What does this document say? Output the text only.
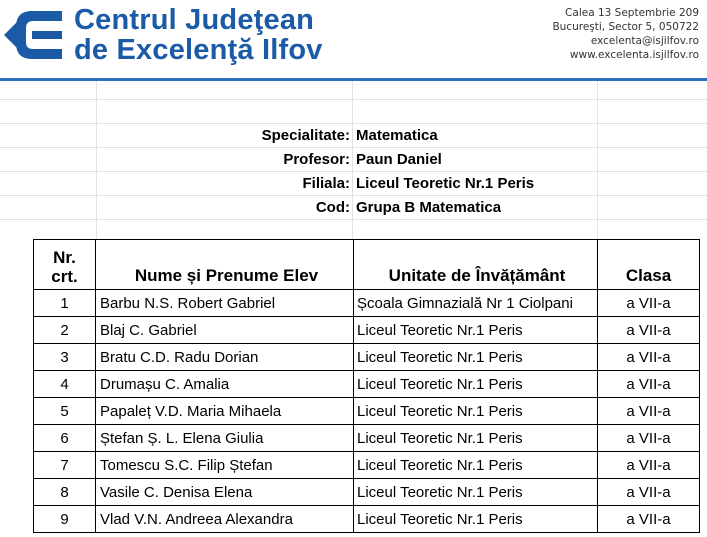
Centrul Judeţean
de Excelenţă Ilfov
Calea 13 Septembrie 209
Bucureşti, Sector 5, 050722
excelenta@isjilfov.ro
www.excelenta.isjilfov.ro
Specialitate: Matematica
Profesor: Paun Daniel
Filiala: Liceul Teoretic Nr.1 Peris
Cod: Grupa B Matematica
Nr.
crt.	Nume și Prenume Elev	Unitate de Învățământ	Clasa
1	Barbu N.S. Robert Gabriel	Școala Gimnazială Nr 1 Ciolpani	a VII-a
2	Blaj C. Gabriel	Liceul Teoretic Nr.1 Peris	a VII-a
3	Bratu C.D. Radu Dorian	Liceul Teoretic Nr.1 Peris	a VII-a
4	Drumașu C. Amalia	Liceul Teoretic Nr.1 Peris	a VII-a
5	Papaleț V.D. Maria Mihaela	Liceul Teoretic Nr.1 Peris	a VII-a
6	Ștefan Ș. L. Elena Giulia	Liceul Teoretic Nr.1 Peris	a VII-a
7	Tomescu S.C. Filip Ștefan	Liceul Teoretic Nr.1 Peris	a VII-a
8	Vasile C. Denisa Elena	Liceul Teoretic Nr.1 Peris	a VII-a
9	Vlad V.N. Andreea Alexandra	Liceul Teoretic Nr.1 Peris	a VII-a
